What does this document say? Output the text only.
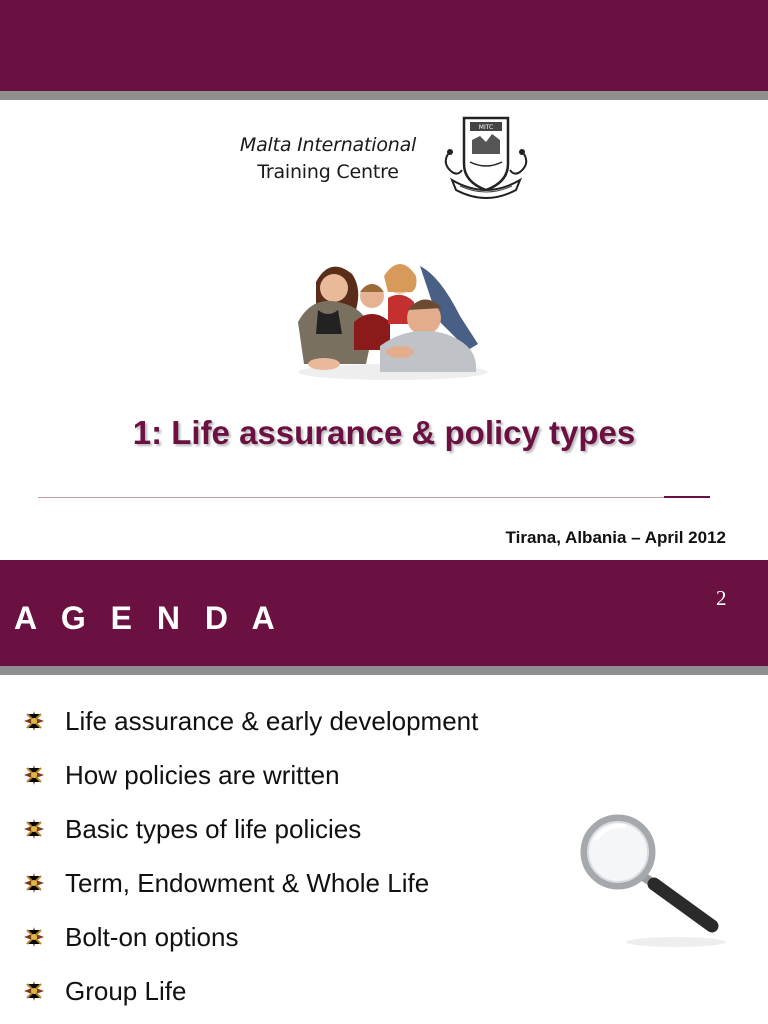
Malta International
Training Centre
MITC
1: Life assurance & policy types
Tirana, Albania – April 2012
A G E N D A
2
Life assurance & early development
How policies are written
Basic types of life policies
Term, Endowment & Whole Life
Bolt-on options
Group Life
